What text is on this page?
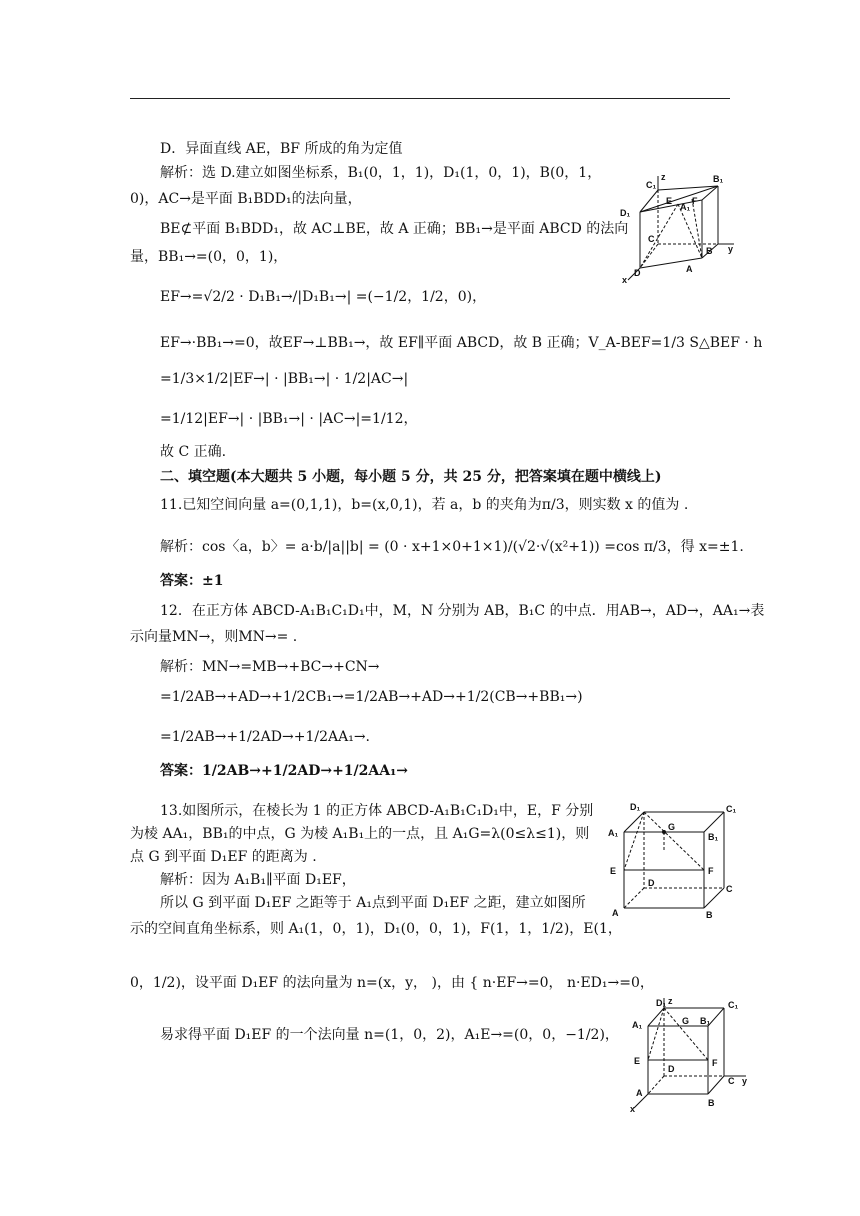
D．异面直线 AE，BF 所成的角为定值
解析：选 D.建立如图坐标系，B₁(0，1，1)，D₁(1，0，1)，B(0，1，
0)，AC→是平面 B₁BDD₁的法向量，
BE⊄平面 B₁BDD₁，故 AC⊥BE，故 A 正确；BB₁→是平面 ABCD 的法向
量，BB₁→=(0，0，1)，
EF→=√2/2 · D₁B₁→/|D₁B₁→| =(−1/2，1/2，0)，
EF→·BB₁→=0，故EF→⊥BB₁→，故 EF∥平面 ABCD，故 B 正确；V_A-BEF=1/3 S△BEF · h
=1/3×1/2|EF→| · |BB₁→| · 1/2|AC→|
=1/12|EF→| · |BB₁→| · |AC→|=1/12，
故 C 正确.
二、填空题(本大题共 5 小题，每小题 5 分，共 25 分，把答案填在题中横线上)
11.已知空间向量 a=(0,1,1)，b=(x,0,1)，若 a，b 的夹角为π/3，则实数 x 的值为 .
解析：cos〈a，b〉= a·b/|a||b| = (0 · x+1×0+1×1)/(√2·√(x²+1)) =cos π/3，得 x=±1.
答案：±1
12．在正方体 ABCD-A₁B₁C₁D₁中，M，N 分别为 AB，B₁C 的中点．用AB→，AD→，AA₁→表
示向量MN→，则MN→= .
解析：MN→=MB→+BC→+CN→
=1/2AB→+AD→+1/2CB₁→=1/2AB→+AD→+1/2(CB→+BB₁→)
=1/2AB→+1/2AD→+1/2AA₁→.
答案：1/2AB→+1/2AD→+1/2AA₁→
13.如图所示，在棱长为 1 的正方体 ABCD-A₁B₁C₁D₁中，E，F 分别
为棱 AA₁，BB₁的中点，G 为棱 A₁B₁上的一点，且 A₁G=λ(0≤λ≤1)，则
点 G 到平面 D₁EF 的距离为 .
解析：因为 A₁B₁∥平面 D₁EF，
所以 G 到平面 D₁EF 之距等于 A₁点到平面 D₁EF 之距，建立如图所
示的空间直角坐标系，则 A₁(1，0，1)，D₁(0，0，1)，F(1，1，1/2)，E(1，
0，1/2)，设平面 D₁EF 的法向量为 n=(x，y， )，由 { n·EF→=0， n·ED₁→=0，
易求得平面 D₁EF 的一个法向量 n=(1，0，2)，A₁E→=(0，0，−1/2)，
C₁
z	B₁
D₁
E
A₁
F
C
y
D	A
B
x
D₁	C₁
G
A₁	B₁
E	F
D
C
A	B
D₁ z	C₁
A₁	G B₁
E	F
D
C y
A
B
x
